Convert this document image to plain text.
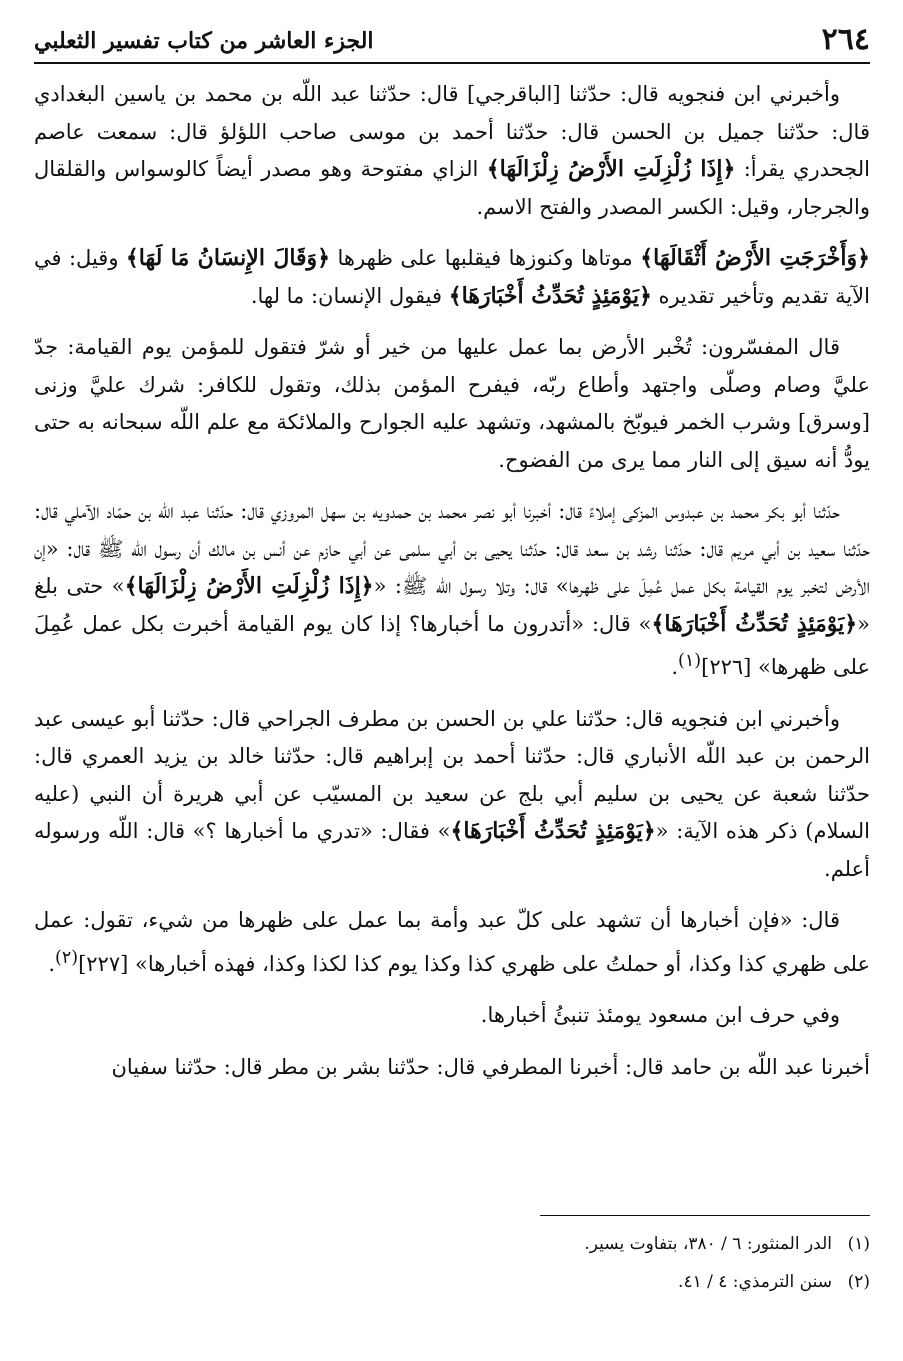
٢٦٤
الجزء العاشر من كتاب تفسير الثعلبي

وأخبرني ابن فنجويه قال: حدّثنا [الباقرجي] قال: حدّثنا عبد اللّه بن محمد بن ياسين البغدادي قال: حدّثنا جميل بن الحسن قال: حدّثنا أحمد بن موسى صاحب اللؤلؤ قال: سمعت عاصم الجحدري يقرأ: ﴿إِذَا زُلْزِلَتِ الأَرْضُ زِلْزَالَهَا﴾ الزاي مفتوحة وهو مصدر أيضاً كالوسواس والقلقال والجرجار، وقيل: الكسر المصدر والفتح الاسم.

﴿وَأَخْرَجَتِ الأَرْضُ أَثْقَالَهَا﴾ موتاها وكنوزها فيقلبها على ظهرها ﴿وَقَالَ الإِنسَانُ مَا لَهَا﴾ وقيل: في الآية تقديم وتأخير تقديره ﴿يَوْمَئِذٍ تُحَدِّثُ أَخْبَارَهَا﴾ فيقول الإنسان: ما لها.

قال المفسّرون: تُخْبر الأرض بما عمل عليها من خير أو شرّ فتقول للمؤمن يوم القيامة: جدّ عليَّ وصام وصلّى واجتهد وأطاع ربّه، فيفرح المؤمن بذلك، وتقول للكافر: شرك عليَّ وزنى [وسرق] وشرب الخمر فيوبّخ بالمشهد، وتشهد عليه الجوارح والملائكة مع علم اللّه سبحانه به حتى يودُّ أنه سيق إلى النار مما يرى من الفضوح.

حدّثنا أبو بكر محمد بن عبدوس المزكى إملاءً قال: أخبرنا أبو نصر محمد بن حمدويه بن سهل المروزي قال: حدّثنا عبد اللّه بن حمّاد الآملي قال: حدّثنا سعيد بن أبي مريم قال: حدّثنا رشد بن سعد قال: حدّثنا يحيى بن أبي سلمى عن أبي حازم عن أنس بن مالك أن رسول اللّه ﷺ قال: «إن الأرض لتخبر يوم القيامة بكل عمل عُمِلَ على ظهرها» قال: وتلا رسول اللّه ﷺ: «﴿إِذَا زُلْزِلَتِ الأَرْضُ زِلْزَالَهَا﴾» حتى بلغ «﴿يَوْمَئِذٍ تُحَدِّثُ أَخْبَارَهَا﴾» قال: «أتدرون ما أخبارها؟ إذا كان يوم القيامة أخبرت بكل عمل عُمِلَ على ظهرها» [٢٢٦]$^{(١)}$.

وأخبرني ابن فنجويه قال: حدّثنا علي بن الحسن بن مطرف الجراحي قال: حدّثنا أبو عيسى عبد الرحمن بن عبد اللّه الأنباري قال: حدّثنا أحمد بن إبراهيم قال: حدّثنا خالد بن يزيد العمري قال: حدّثنا شعبة عن يحيى بن سليم أبي بلج عن سعيد بن المسيّب عن أبي هريرة أن النبي (عليه السلام) ذكر هذه الآية: «﴿يَوْمَئِذٍ تُحَدِّثُ أَخْبَارَهَا﴾» فقال: «تدري ما أخبارها ؟» قال: اللّه ورسوله أعلم.

قال: «فإن أخبارها أن تشهد على كلّ عبد وأمة بما عمل على ظهرها من شيء، تقول: عمل على ظهري كذا وكذا، أو حملتُ على ظهري كذا وكذا يوم كذا لكذا وكذا، فهذه أخبارها» [٢٢٧]$^{(٢)}$.

وفي حرف ابن مسعود يومئذ تنبئُ أخبارها.

أخبرنا عبد اللّه بن حامد قال: أخبرنا المطرفي قال: حدّثنا بشر بن مطر قال: حدّثنا سفيان

(١)الدر المنثور: ٦ / ٣٨٠، بتفاوت يسير.
(٢)سنن الترمذي: ٤ / ٤١.
